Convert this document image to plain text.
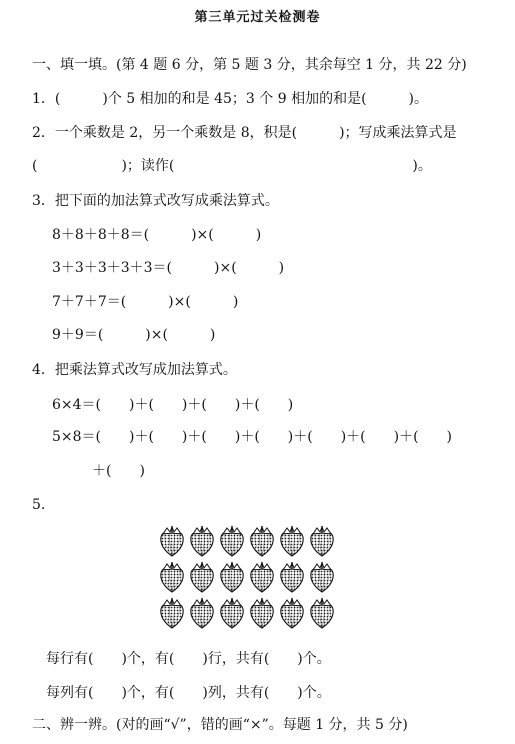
第三单元过关检测卷
一、填一填。(第 4 题 6 分，第 5 题 3 分，其余每空 1 分，共 22 分)
1．(　　　)个 5 相加的和是 45；3 个 9 相加的和是(　　　)。
2．一个乘数是 2，另一个乘数是 8，积是(　　　)；写成乘法算式是
(　　　　　　)；读作(　　　　　　　　　　　　　　　　　)。
3．把下面的加法算式改写成乘法算式。
8＋8＋8＋8＝(　　　)×(　　　)
3＋3＋3＋3＋3＝(　　　)×(　　　)
7＋7＋7＝(　　　)×(　　　)
9＋9＝(　　　)×(　　　)
4．把乘法算式改写成加法算式。
6×4＝(　　)＋(　　)＋(　　)＋(　　)
5×8＝(　　)＋(　　)＋(　　)＋(　　)＋(　　)＋(　　)＋(　　)
＋(　　)
5.
每行有(　　)个，有(　　)行，共有(　　)个。
每列有(　　)个，有(　　)列，共有(　　)个。
二、辨一辨。(对的画“√”，错的画“×”。每题 1 分，共 5 分)
